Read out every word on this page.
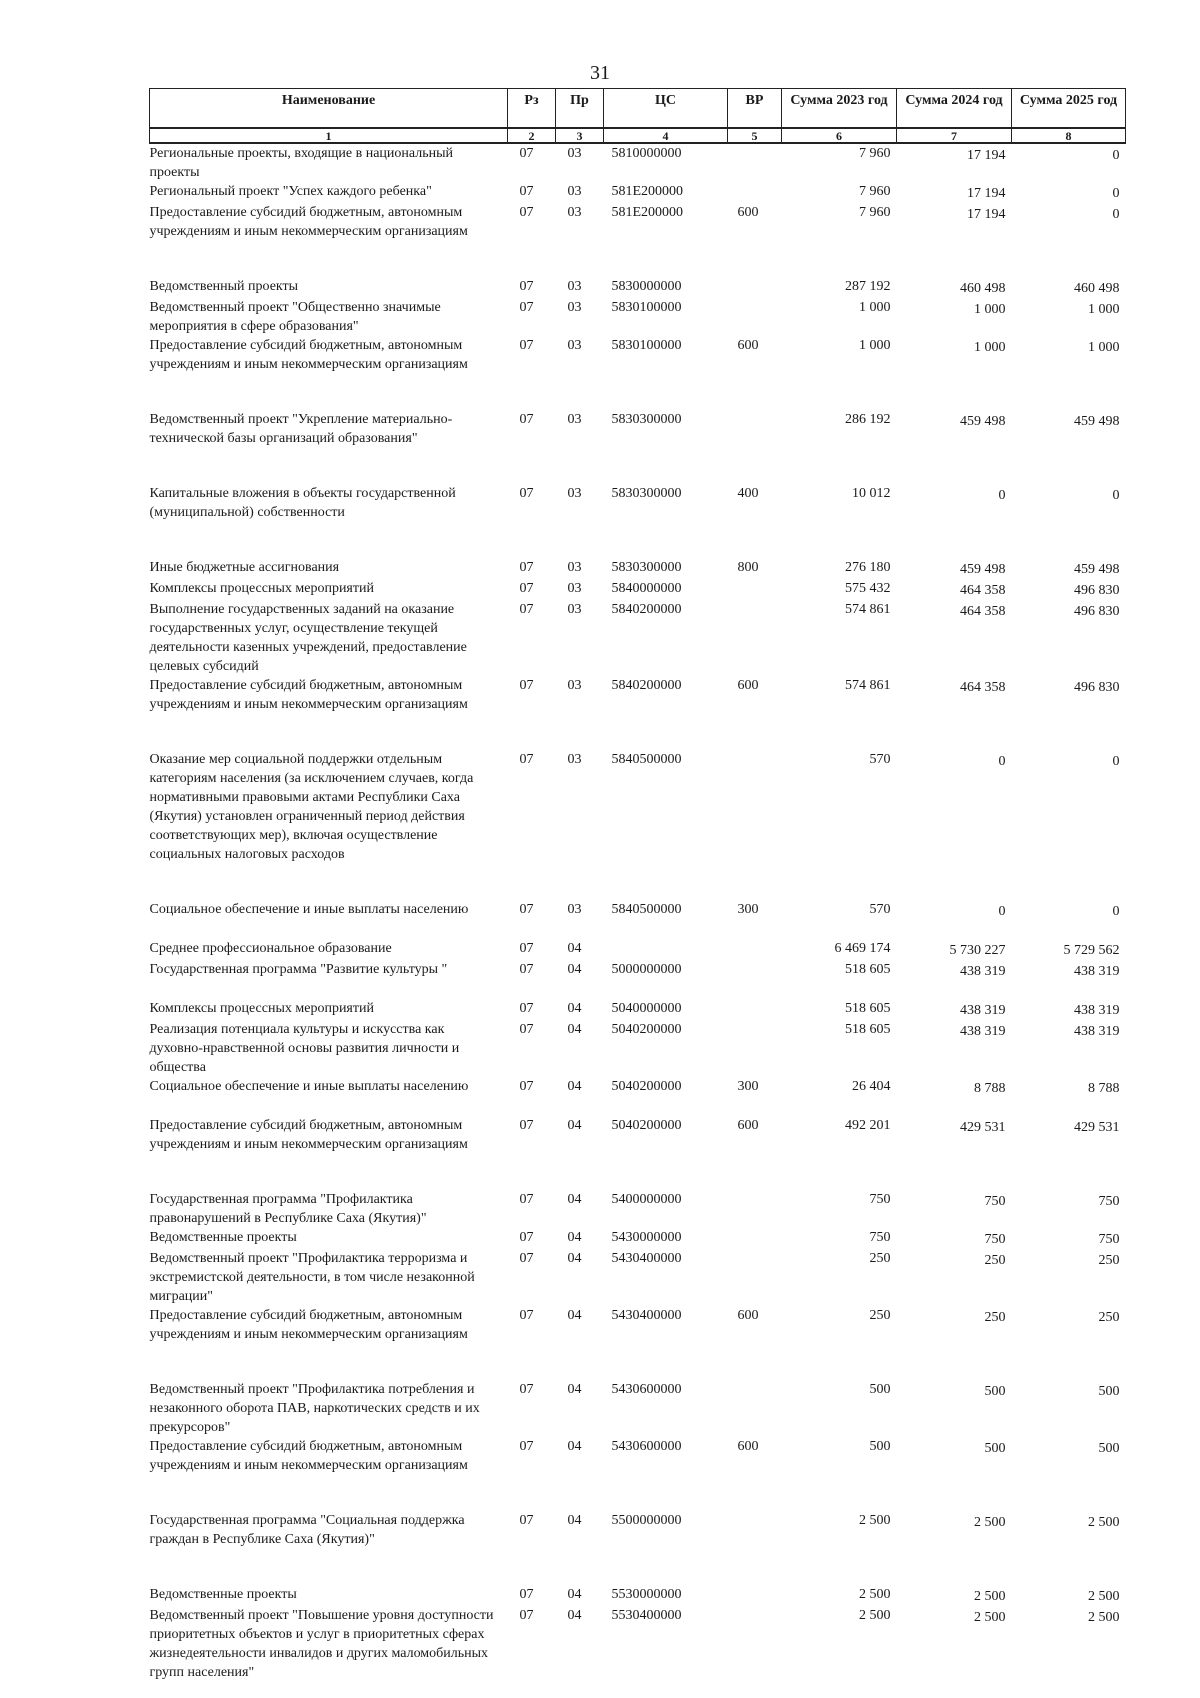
31
Наименование	Рз	Пр	ЦС	ВР	Сумма 2023 год	Сумма 2024 год	Сумма 2025 год
1	2	3	4	5	6	7	8
Региональные проекты, входящие в национальный проекты	07	03	5810000000		7 960	17 194	0
Региональный проект "Успех каждого ребенка"	07	03	581E200000		7 960	17 194	0
Предоставление субсидий бюджетным, автономным учреждениям и иным некоммерческим организациям	07	03	581E200000	600	7 960	17 194	0
Ведомственный проекты	07	03	5830000000		287 192	460 498	460 498
Ведомственный проект "Общественно значимые мероприятия в сфере образования"	07	03	5830100000		1 000	1 000	1 000
Предоставление субсидий бюджетным, автономным учреждениям и иным некоммерческим организациям	07	03	5830100000	600	1 000	1 000	1 000
Ведомственный проект "Укрепление материально-технической базы организаций образования"	07	03	5830300000		286 192	459 498	459 498
Капитальные вложения в объекты государственной (муниципальной) собственности	07	03	5830300000	400	10 012	0	0
Иные бюджетные ассигнования	07	03	5830300000	800	276 180	459 498	459 498
Комплексы процессных мероприятий	07	03	5840000000		575 432	464 358	496 830
Выполнение государственных заданий на оказание государственных услуг, осуществление текущей деятельности казенных учреждений, предоставление целевых субсидий	07	03	5840200000		574 861	464 358	496 830
Предоставление субсидий бюджетным, автономным учреждениям и иным некоммерческим организациям	07	03	5840200000	600	574 861	464 358	496 830
Оказание мер социальной поддержки отдельным категориям населения (за исключением случаев, когда нормативными правовыми актами Республики Саха (Якутия) установлен ограниченный период действия соответствующих мер), включая осуществление социальных налоговых расходов	07	03	5840500000		570	0	0
Социальное обеспечение и иные выплаты населению	07	03	5840500000	300	570	0	0
Среднее профессиональное образование	07	04			6 469 174	5 730 227	5 729 562
Государственная программа "Развитие культуры "	07	04	5000000000		518 605	438 319	438 319
Комплексы процессных мероприятий	07	04	5040000000		518 605	438 319	438 319
Реализация потенциала культуры и искусства как духовно-нравственной основы развития личности и общества	07	04	5040200000		518 605	438 319	438 319
Социальное обеспечение и иные выплаты населению	07	04	5040200000	300	26 404	8 788	8 788
Предоставление субсидий бюджетным, автономным учреждениям и иным некоммерческим организациям	07	04	5040200000	600	492 201	429 531	429 531
Государственная программа "Профилактика правонарушений в Республике Саха (Якутия)"	07	04	5400000000		750	750	750
Ведомственные проекты	07	04	5430000000		750	750	750
Ведомственный проект "Профилактика терроризма и экстремистской деятельности, в том числе незаконной миграции"	07	04	5430400000		250	250	250
Предоставление субсидий бюджетным, автономным учреждениям и иным некоммерческим организациям	07	04	5430400000	600	250	250	250
Ведомственный проект "Профилактика потребления и незаконного оборота ПАВ, наркотических средств и их прекурсоров"	07	04	5430600000		500	500	500
Предоставление субсидий бюджетным, автономным учреждениям и иным некоммерческим организациям	07	04	5430600000	600	500	500	500
Государственная программа "Социальная поддержка граждан в Республике Саха (Якутия)"	07	04	5500000000		2 500	2 500	2 500
Ведомственные проекты	07	04	5530000000		2 500	2 500	2 500
Ведомственный проект "Повышение уровня доступности приоритетных объектов и услуг в приоритетных сферах жизнедеятельности инвалидов и других маломобильных групп населения"	07	04	5530400000		2 500	2 500	2 500
